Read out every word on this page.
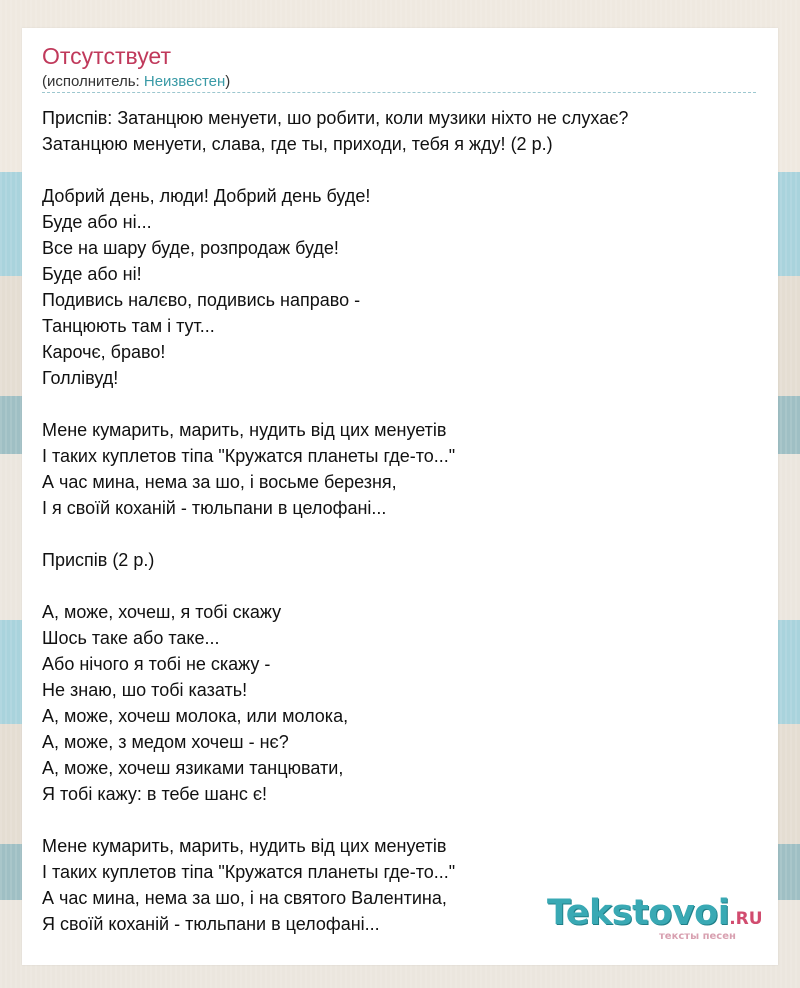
Отсутствует
(исполнитель: Неизвестен)
Приспів: Затанцюю менуети, шо робити, коли музики ніхто не слухає?
Затанцюю менуети, слава, где ты, приходи, тебя я жду! (2 р.)
Добрий день, люди! Добрий день буде!
Буде або ні...
Все на шару буде, розпродаж буде!
Буде або ні!
Подивись налєво, подивись направо -
Танцюють там і тут...
Карочє, браво!
Голлівуд!
Мене кумарить, марить, нудить від цих менуетів
І таких куплетов тіпа "Кружатся планеты где-то..."
А час мина, нема за шо, і восьме березня,
І я своїй коханій - тюльпани в целофані...
Приспів (2 р.)
А, може, хочеш, я тобі скажу
Шось таке або таке...
Або нічого я тобі не скажу -
Не знаю, шо тобі казать!
А, може, хочеш молока, или молока,
А, може, з медом хочеш - нє?
А, може, хочеш язиками танцювати,
Я тобі кажу: в тебе шанс є!
Мене кумарить, марить, нудить від цих менуетів
І таких куплетов тіпа "Кружатся планеты где-то..."
А час мина, нема за шо, і на святого Валентина,
Я своїй коханій - тюльпани в целофані...	Tekstovoi.RU
тексты песен
